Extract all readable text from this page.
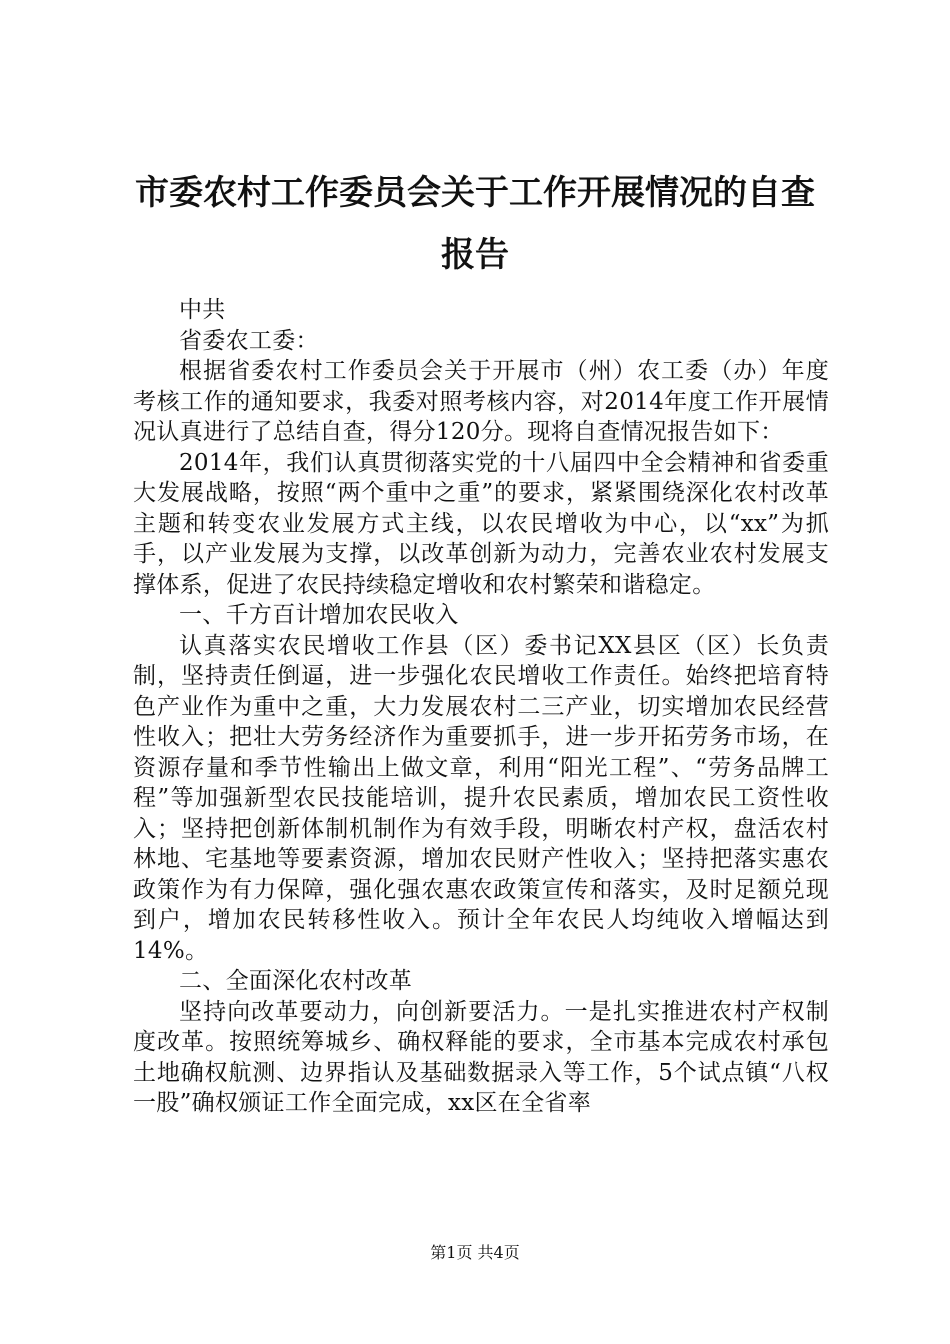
市委农村工作委员会关于工作开展情况的自查报告

中共

省委农工委：

根据省委农村工作委员会关于开展市（州）农工委（办）年度考核工作的通知要求，我委对照考核内容，对2014年度工作开展情况认真进行了总结自查，得分120分。现将自查情况报告如下：

2014年，我们认真贯彻落实党的十八届四中全会精神和省委重大发展战略，按照“两个重中之重”的要求，紧紧围绕深化农村改革主题和转变农业发展方式主线，以农民增收为中心，以“xx”为抓手，以产业发展为支撑，以改革创新为动力，完善农业农村发展支撑体系，促进了农民持续稳定增收和农村繁荣和谐稳定。

一、千方百计增加农民收入

认真落实农民增收工作县（区）委书记XX县区（区）长负责制，坚持责任倒逼，进一步强化农民增收工作责任。始终把培育特色产业作为重中之重，大力发展农村二三产业，切实增加农民经营性收入；把壮大劳务经济作为重要抓手，进一步开拓劳务市场，在资源存量和季节性输出上做文章，利用“阳光工程”、“劳务品牌工程”等加强新型农民技能培训，提升农民素质，增加农民工资性收入；坚持把创新体制机制作为有效手段，明晰农村产权，盘活农村林地、宅基地等要素资源，增加农民财产性收入；坚持把落实惠农政策作为有力保障，强化强农惠农政策宣传和落实，及时足额兑现到户，增加农民转移性收入。预计全年农民人均纯收入增幅达到14%。

二、全面深化农村改革

坚持向改革要动力，向创新要活力。一是扎实推进农村产权制度改革。按照统筹城乡、确权释能的要求，全市基本完成农村承包土地确权航测、边界指认及基础数据录入等工作，5个试点镇“八权一股”确权颁证工作全面完成，xx区在全省率

第1页 共4页
